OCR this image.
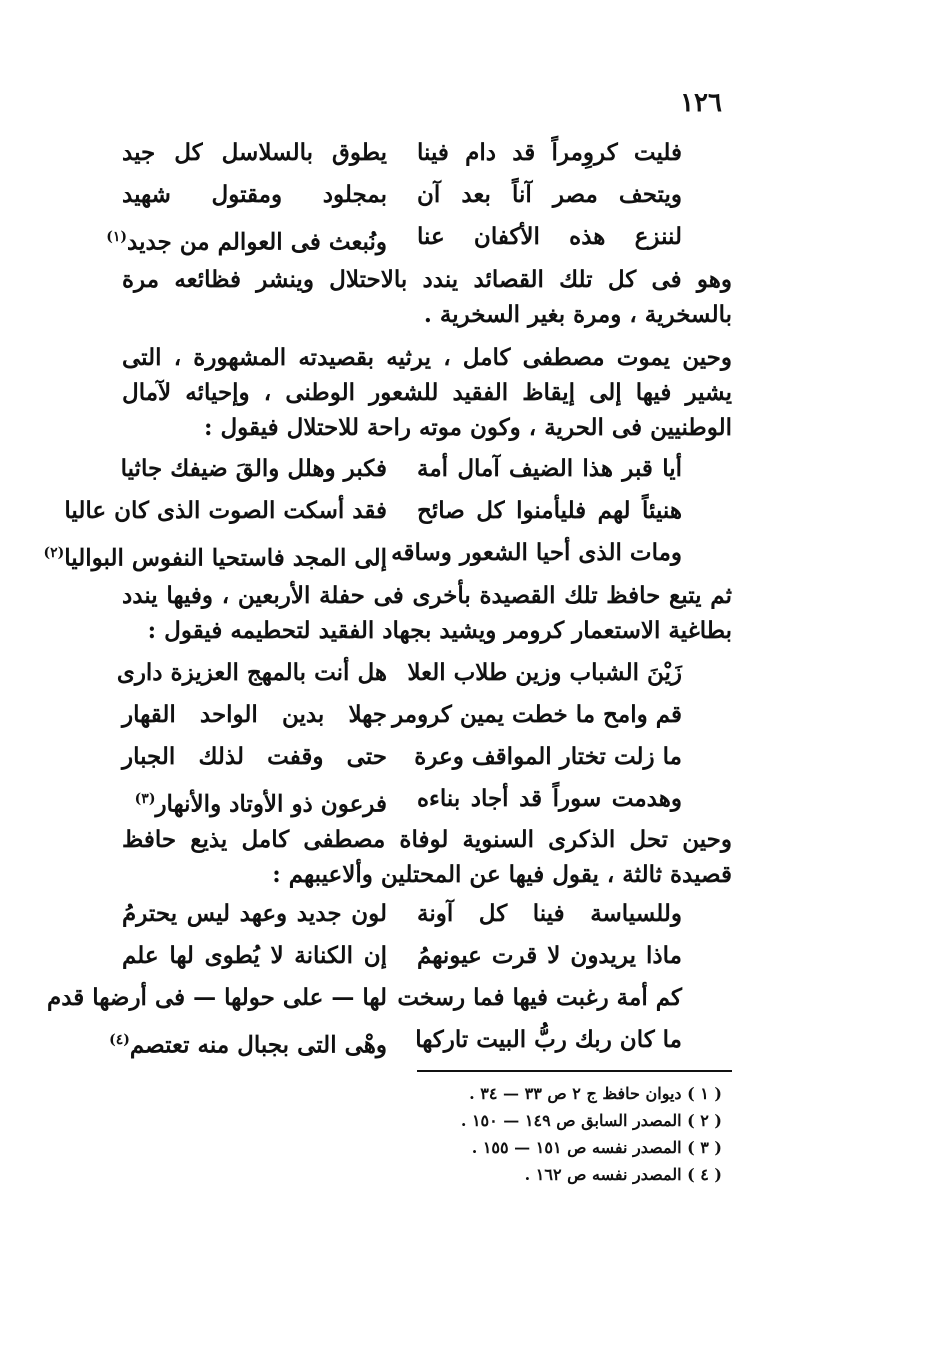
١٢٦
فليت كروِمراً قد دام فينا
يطوق بالسلاسل كل جيد
ويتحف مصر آناً بعد آن
بمجلود ومقتول شهيد
لننزع هذه الأكفان عنا
ونُبعث فى العوالم من جديد$^{(١)}$
وهو فى كل تلك القصائد يندد بالاحتلال وينشر فظائعه مرة بالسخرية ، ومرة بغير السخرية .
وحين يموت مصطفى كامل ، يرثيه بقصيدته المشهورة ، التى يشير فيها إلى إيقاظ الفقيد للشعور الوطنى ، وإحيائه لآمال الوطنيين فى الحرية ، وكون موته راحة للاحتلال فيقول :
أيا قبر هذا الضيف آمال أمة
فكبر وهلل والقَ ضيفك جاثيا
هنيئاً لهم فليأمنوا كل صائح
فقد أسكت الصوت الذى كان عاليا
ومات الذى أحيا الشعور وساقه
إلى المجد فاستحيا النفوس البواليا$^{(٢)}$
ثم يتبع حافظ تلك القصيدة بأخرى فى حفلة الأربعين ، وفيها يندد بطاغية الاستعمار كرومر ويشيد بجهاد الفقيد لتحطيمه فيقول :
زَيْنَ الشباب وزين طلاب العلا
هل أنت بالمهج العزيزة دارى
قم وامح ما خطت يمين كرومر
جهلا بدين الواحد القهار
ما زلت تختار المواقف وعرة
حتى وقفت لذلك الجبار
وهدمت سوراً قد أجاد بناءه
فرعون ذو الأوتاد والأنهار$^{(٣)}$
وحين تحل الذكرى السنوية لوفاة مصطفى كامل يذيع حافظ قصيدة ثالثة ، يقول فيها عن المحتلين وألاعيبهم :
وللسياسة فينا كل آونة
لون جديد وعهد ليس يحترمُ
ماذا يريدون لا قرت عيونهمُ
إن الكنانة لا يُطوى لها علم
كم أمة رغبت فيها فما رسخت
لها — على حولها — فى أرضها قدم
ما كان ربك ربُّ البيت تاركها
وهْى التى بجبال منه تعتصم$^{(٤)}$
( ١ ) ديوان حافظ ج ٢ ص ٣٣ — ٣٤ .
( ٢ ) المصدر السابق ص ١٤٩ — ١٥٠ .
( ٣ ) المصدر نفسه ص ١٥١ — ١٥٥ .
( ٤ ) المصدر نفسه ص ١٦٢ .
